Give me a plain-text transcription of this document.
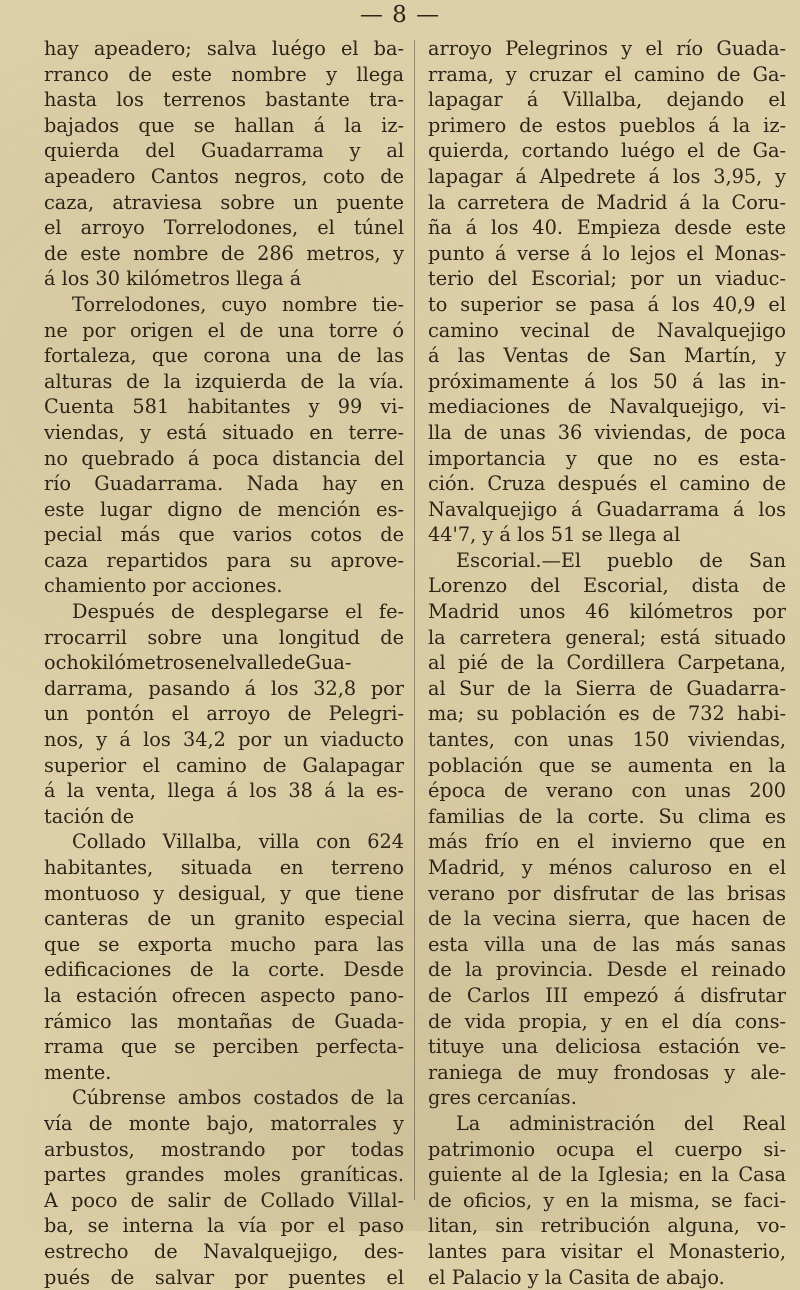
— 8 —
hay apeadero; salva luégo el ba-
rranco de este nombre y llega
hasta los terrenos bastante tra-
bajados que se hallan á la iz-
quierda del Guadarrama y al
apeadero Cantos negros, coto de
caza, atraviesa sobre un puente
el arroyo Torrelodones, el túnel
de este nombre de 286 metros, y
á los 30 kilómetros llega á
Torrelodones, cuyo nombre tie-
ne por origen el de una torre ó
fortaleza, que corona una de las
alturas de la izquierda de la vía.
Cuenta 581 habitantes y 99 vi-
viendas, y está situado en terre-
no quebrado á poca distancia del
río Guadarrama. Nada hay en
este lugar digno de mención es-
pecial más que varios cotos de
caza repartidos para su aprove-
chamiento por acciones.
Después de desplegarse el fe-
rrocarril sobre una longitud de
ochokilómetrosenelvalledeGua-
darrama, pasando á los 32,8 por
un pontón el arroyo de Pelegri-
nos, y á los 34,2 por un viaducto
superior el camino de Galapagar
á la venta, llega á los 38 á la es-
tación de
Collado Villalba, villa con 624
habitantes, situada en terreno
montuoso y desigual, y que tiene
canteras de un granito especial
que se exporta mucho para las
edificaciones de la corte. Desde
la estación ofrecen aspecto pano-
rámico las montañas de Guada-
rrama que se perciben perfecta-
mente.
Cúbrense ambos costados de la
vía de monte bajo, matorrales y
arbustos, mostrando por todas
partes grandes moles graníticas.
A poco de salir de Collado Villal-
ba, se interna la vía por el paso
estrecho de Navalquejigo, des-
pués de salvar por puentes el
arroyo Pelegrinos y el río Guada-
rrama, y cruzar el camino de Ga-
lapagar á Villalba, dejando el
primero de estos pueblos á la iz-
quierda, cortando luégo el de Ga-
lapagar á Alpedrete á los 3,95, y
la carretera de Madrid á la Coru-
ña á los 40. Empieza desde este
punto á verse á lo lejos el Monas-
terio del Escorial; por un viaduc-
to superior se pasa á los 40,9 el
camino vecinal de Navalquejigo
á las Ventas de San Martín, y
próximamente á los 50 á las in-
mediaciones de Navalquejigo, vi-
lla de unas 36 viviendas, de poca
importancia y que no es esta-
ción. Cruza después el camino de
Navalquejigo á Guadarrama á los
44'7, y á los 51 se llega al
Escorial.—El pueblo de San
Lorenzo del Escorial, dista de
Madrid unos 46 kilómetros por
la carretera general; está situado
al pié de la Cordillera Carpetana,
al Sur de la Sierra de Guadarra-
ma; su población es de 732 habi-
tantes, con unas 150 viviendas,
población que se aumenta en la
época de verano con unas 200
familias de la corte. Su clima es
más frío en el invierno que en
Madrid, y ménos caluroso en el
verano por disfrutar de las brisas
de la vecina sierra, que hacen de
esta villa una de las más sanas
de la provincia. Desde el reinado
de Carlos III empezó á disfrutar
de vida propia, y en el día cons-
tituye una deliciosa estación ve-
raniega de muy frondosas y ale-
gres cercanías.
La administración del Real
patrimonio ocupa el cuerpo si-
guiente al de la Iglesia; en la Casa
de oficios, y en la misma, se faci-
litan, sin retribución alguna, vo-
lantes para visitar el Monasterio,
el Palacio y la Casita de abajo.
